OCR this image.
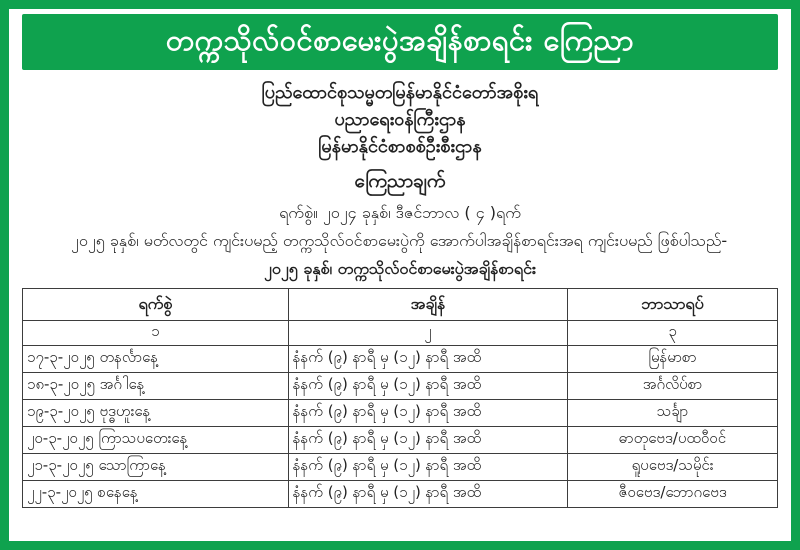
တက္ကသိုလ်ဝင်စာမေးပွဲအချိန်စာရင်း ကြေညာ
ပြည်ထောင်စုသမ္မတမြန်မာနိုင်ငံတော်အစိုးရ
ပညာရေးဝန်ကြီးဌာန
မြန်မာနိုင်ငံစာစစ်ဦးစီးဌာန
ကြေညာချက်
ရက်စွဲ။ ၂၀၂၄ ခုနှစ်၊ ဒီဇင်ဘာလ ( ၄ )ရက်
၂၀၂၅ ခုနှစ်၊ မတ်လတွင် ကျင်းပမည့် တက္ကသိုလ်ဝင်စာမေးပွဲကို အောက်ပါအချိန်စာရင်းအရ ကျင်းပမည် ဖြစ်ပါသည်-
၂၀၂၅ ခုနှစ်၊ တက္ကသိုလ်ဝင်စာမေးပွဲအချိန်စာရင်း
ရက်စွဲ	အချိန်	ဘာသာရပ်
၁	၂	၃
၁၇-၃-၂၀၂၅ တနင်္လာနေ့	နံနက် (၉) နာရီ မှ (၁၂) နာရီ အထိ	မြန်မာစာ
၁၈-၃-၂၀၂၅ အင်္ဂါနေ့	နံနက် (၉) နာရီ မှ (၁၂) နာရီ အထိ	အင်္ဂလိပ်စာ
၁၉-၃-၂၀၂၅ ဗုဒ္ဓဟူးနေ့	နံနက် (၉) နာရီ မှ (၁၂) နာရီ အထိ	သင်္ချာ
၂၀-၃-၂၀၂၅ ကြာသပတေးနေ့	နံနက် (၉) နာရီ မှ (၁၂) နာရီ အထိ	ဓာတုဗေဒ/ပထဝီဝင်
၂၁-၃-၂၀၂၅ သောကြာနေ့	နံနက် (၉) နာရီ မှ (၁၂) နာရီ အထိ	ရူပဗေဒ/သမိုင်း
၂၂-၃-၂၀၂၅ စနေနေ့	နံနက် (၉) နာရီ မှ (၁၂) နာရီ အထိ	ဇီဝဗေဒ/ဘောဂဗေဒ
